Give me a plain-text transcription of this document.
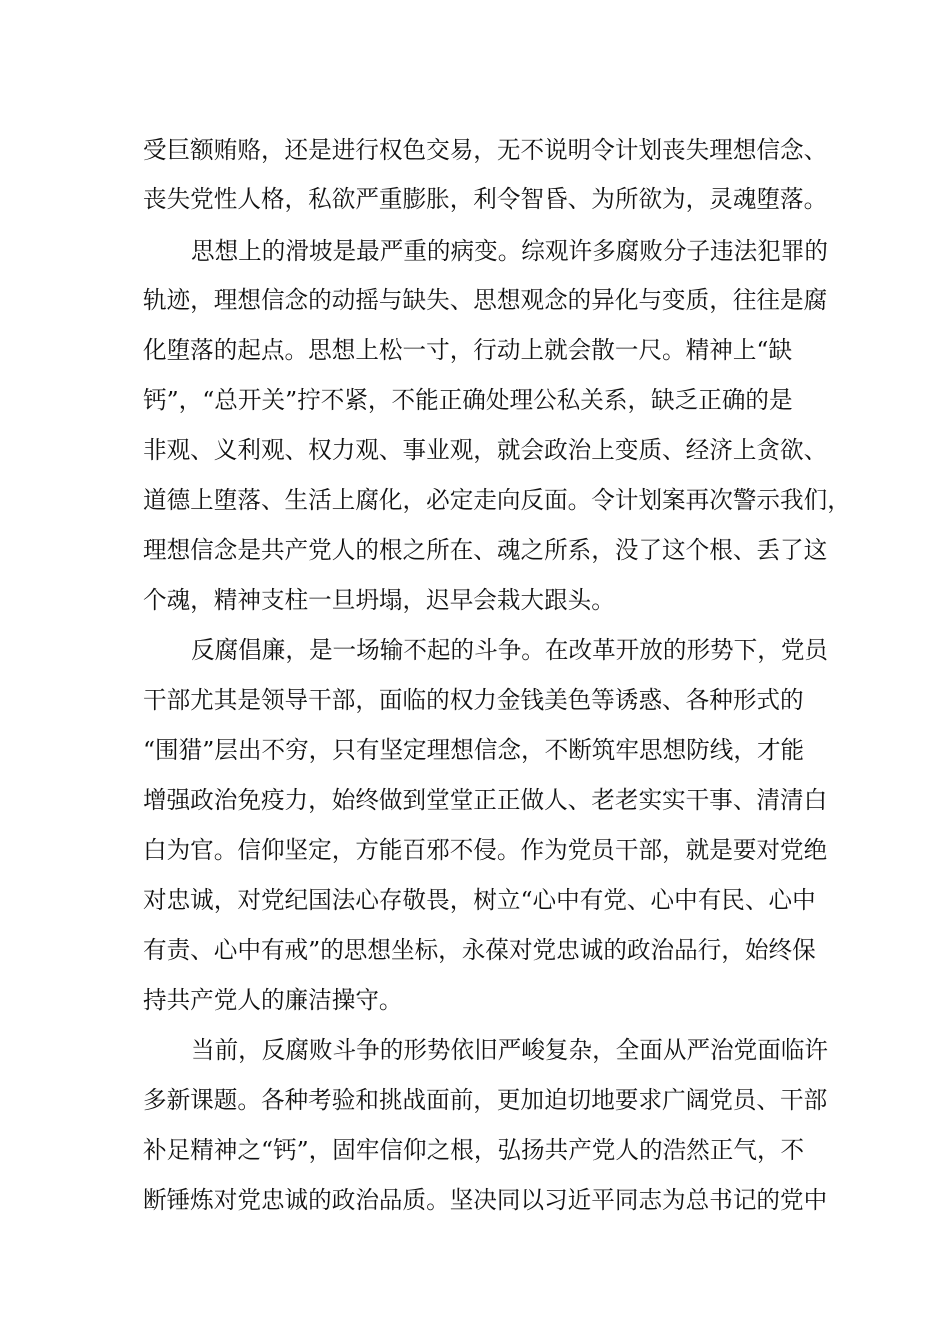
受巨额贿赂，还是进行权色交易，无不说明令计划丧失理想信念、
丧失党性人格，私欲严重膨胀，利令智昏、为所欲为，灵魂堕落。
思想上的滑坡是最严重的病变。综观许多腐败分子违法犯罪的
轨迹，理想信念的动摇与缺失、思想观念的异化与变质，往往是腐
化堕落的起点。思想上松一寸，行动上就会散一尺。精神上“缺
钙”，“总开关”拧不紧，不能正确处理公私关系，缺乏正确的是
非观、义利观、权力观、事业观，就会政治上变质、经济上贪欲、
道德上堕落、生活上腐化，必定走向反面。令计划案再次警示我们，
理想信念是共产党人的根之所在、魂之所系，没了这个根、丢了这
个魂，精神支柱一旦坍塌，迟早会栽大跟头。
反腐倡廉，是一场输不起的斗争。在改革开放的形势下，党员
干部尤其是领导干部，面临的权力金钱美色等诱惑、各种形式的
“围猎”层出不穷，只有坚定理想信念，不断筑牢思想防线，才能
增强政治免疫力，始终做到堂堂正正做人、老老实实干事、清清白
白为官。信仰坚定，方能百邪不侵。作为党员干部，就是要对党绝
对忠诚，对党纪国法心存敬畏，树立“心中有党、心中有民、心中
有责、心中有戒”的思想坐标，永葆对党忠诚的政治品行，始终保
持共产党人的廉洁操守。
当前，反腐败斗争的形势依旧严峻复杂，全面从严治党面临许
多新课题。各种考验和挑战面前，更加迫切地要求广阔党员、干部
补足精神之“钙”，固牢信仰之根，弘扬共产党人的浩然正气，不
断锤炼对党忠诚的政治品质。坚决同以习近平同志为总书记的党中
